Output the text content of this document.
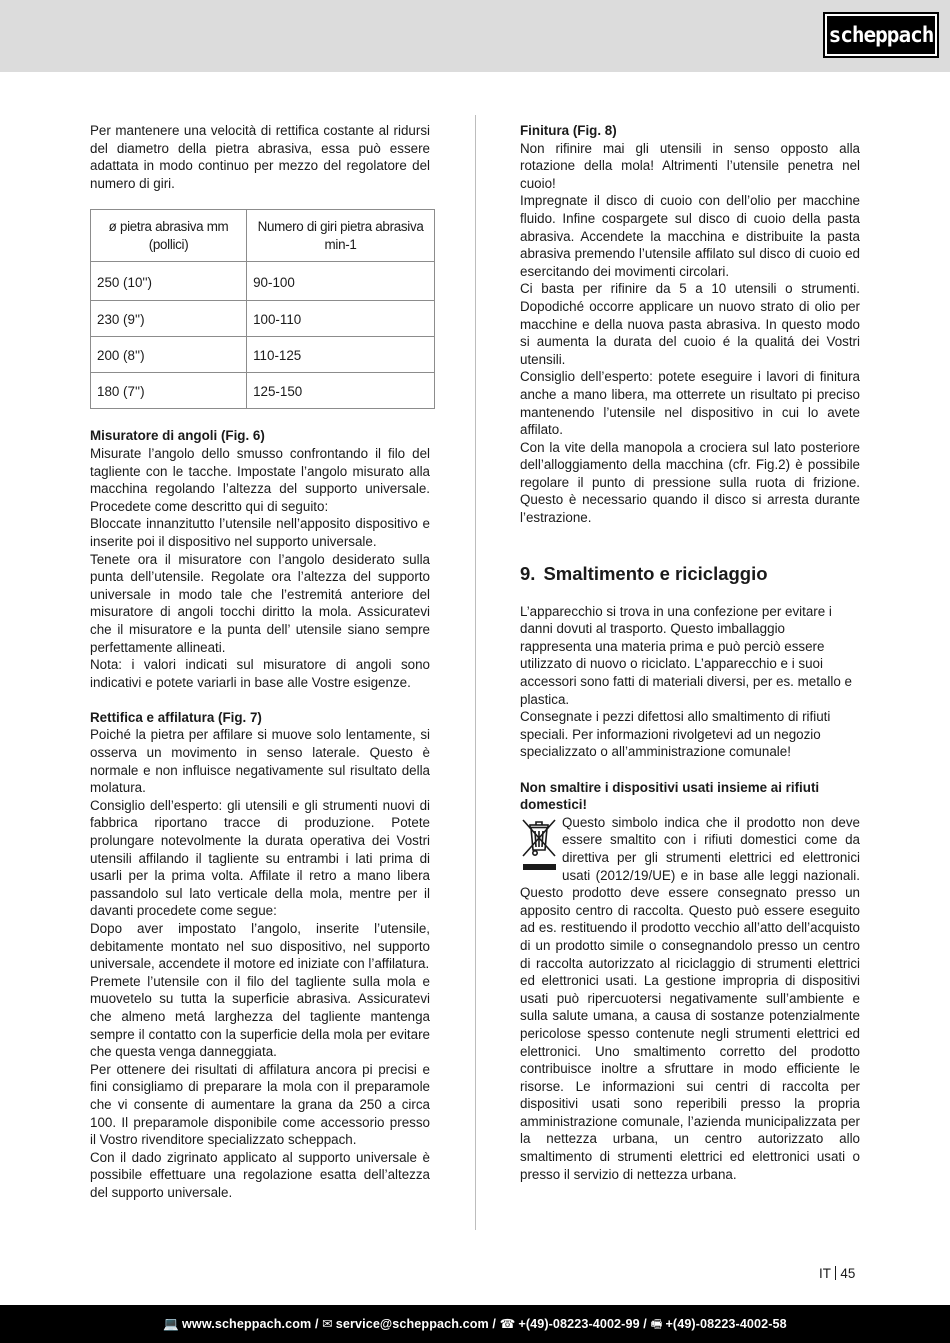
scheppach

Per mantenere una velocità di rettifica costante al ridursi del diametro della pietra abrasiva, essa può essere adattata in modo continuo per mezzo del regolatore del numero di giri.

ø pietra abrasiva mm (pollici)	Numero di giri pietra abrasiva min-1
250 (10'')	90-100
230 (9'')	100-110
200 (8'')	110-125
180 (7'')	125-150

Misuratore di angoli (Fig. 6)

Misurate l’angolo dello smusso confrontando il filo del tagliente con le tacche. Impostate l’angolo misurato alla macchina regolando l’altezza del supporto universale. Procedete come descritto qui di seguito:

Bloccate innanzitutto l’utensile nell’apposito dispositivo e inserite poi il dispositivo nel supporto universale.

Tenete ora il misuratore con l’angolo desiderato sulla punta dell’utensile. Regolate ora l’altezza del supporto universale in modo tale che l’estremitá anteriore del misuratore di angoli tocchi diritto la mola. Assicuratevi che il misuratore e la punta dell’ utensile siano sempre perfettamente allineati.

Nota: i valori indicati sul misuratore di angoli sono indicativi e potete variarli in base alle Vostre esigenze.

Rettifica e affilatura (Fig. 7)

Poiché la pietra per affilare si muove solo lentamente, si osserva un movimento in senso laterale. Questo è normale e non influisce negativamente sul risultato della molatura.

Consiglio dell’esperto: gli utensili e gli strumenti nuovi di fabbrica riportano tracce di produzione. Potete prolungare notevolmente la durata operativa dei Vostri utensili affilando il tagliente su entrambi i lati prima di usarli per la prima volta. Affilate il retro a mano libera passandolo sul lato verticale della mola, mentre per il davanti procedete come segue:

Dopo aver impostato l’angolo, inserite l’utensile, debitamente montato nel suo dispositivo, nel supporto universale, accendete il motore ed iniziate con l’affilatura.

Premete l’utensile con il filo del tagliente sulla mola e muovetelo su tutta la superficie abrasiva. Assicuratevi che almeno metá larghezza del tagliente mantenga sempre il contatto con la superficie della mola per evitare che questa venga danneggiata.

Per ottenere dei risultati di affilatura ancora pi precisi e fini consigliamo di preparare la mola con il preparamole che vi consente di aumentare la grana da 250 a circa 100. Il preparamole disponibile come accessorio presso il Vostro rivenditore specializzato scheppach.

Con il dado zigrinato applicato al supporto universale è possibile effettuare una regolazione esatta dell’altezza del supporto universale.

Finitura (Fig. 8)

Non rifinire mai gli utensili in senso opposto alla rotazione della mola! Altrimenti l’utensile penetra nel cuoio!

Impregnate il disco di cuoio con dell’olio per macchine fluido. Infine cospargete sul disco di cuoio della pasta abrasiva. Accendete la macchina e distribuite la pasta abrasiva premendo l’utensile affilato sul disco di cuoio ed esercitando dei movimenti circolari.

Ci basta per rifinire da 5 a 10 utensili o strumenti. Dopodiché occorre applicare un nuovo strato di olio per macchine e della nuova pasta abrasiva. In questo modo si aumenta la durata del cuoio é la qualitá dei Vostri utensili.

Consiglio dell’esperto: potete eseguire i lavori di finitura anche a mano libera, ma otterrete un risultato pi preciso mantenendo l’utensile nel dispositivo in cui lo avete affilato.

Con la vite della manopola a crociera sul lato posteriore dell’alloggiamento della macchina (cfr. Fig.2) è possibile regolare il punto di pressione sulla ruota di frizione. Questo è necessario quando il disco si arresta durante l’estrazione.

9. Smaltimento e riciclaggio

L’apparecchio si trova in una confezione per evitare i danni dovuti al trasporto. Questo imballaggio rappresenta una materia prima e può perciò essere utilizzato di nuovo o riciclato. L’apparecchio e i suoi accessori sono fatti di materiali diversi, per es. metallo e plastica.

Consegnate i pezzi difettosi allo smaltimento di rifiuti speciali. Per informazioni rivolgetevi ad un negozio specializzato o all’amministrazione comunale!

Non smaltire i dispositivi usati insieme ai rifiuti domestici!

Questo simbolo indica che il prodotto non deve essere smaltito con i rifiuti domestici come da direttiva per gli strumenti elettrici ed elettronici usati (2012/19/UE) e in base alle leggi nazionali. Questo prodotto deve essere consegnato presso un apposito centro di raccolta. Questo può essere eseguito ad es. restituendo il prodotto vecchio all’atto dell’acquisto di un prodotto simile o consegnandolo presso un centro di raccolta autorizzato al riciclaggio di strumenti elettrici ed elettronici usati. La gestione impropria di dispositivi usati può ripercuotersi negativamente sull’ambiente e sulla salute umana, a causa di sostanze potenzialmente pericolose spesso contenute negli strumenti elettrici ed elettronici. Uno smaltimento corretto del prodotto contribuisce inoltre a sfruttare in modo efficiente le risorse. Le informazioni sui centri di raccolta per dispositivi usati sono reperibili presso la propria amministrazione comunale, l’azienda municipalizzata per la nettezza urbana, un centro autorizzato allo smaltimento di strumenti elettrici ed elettronici usati o presso il servizio di nettezza urbana.

IT 45
💻 www.scheppach.com / ✉ service@scheppach.com / ☎ +(49)-08223-4002-99 / 🖷 +(49)-08223-4002-58
